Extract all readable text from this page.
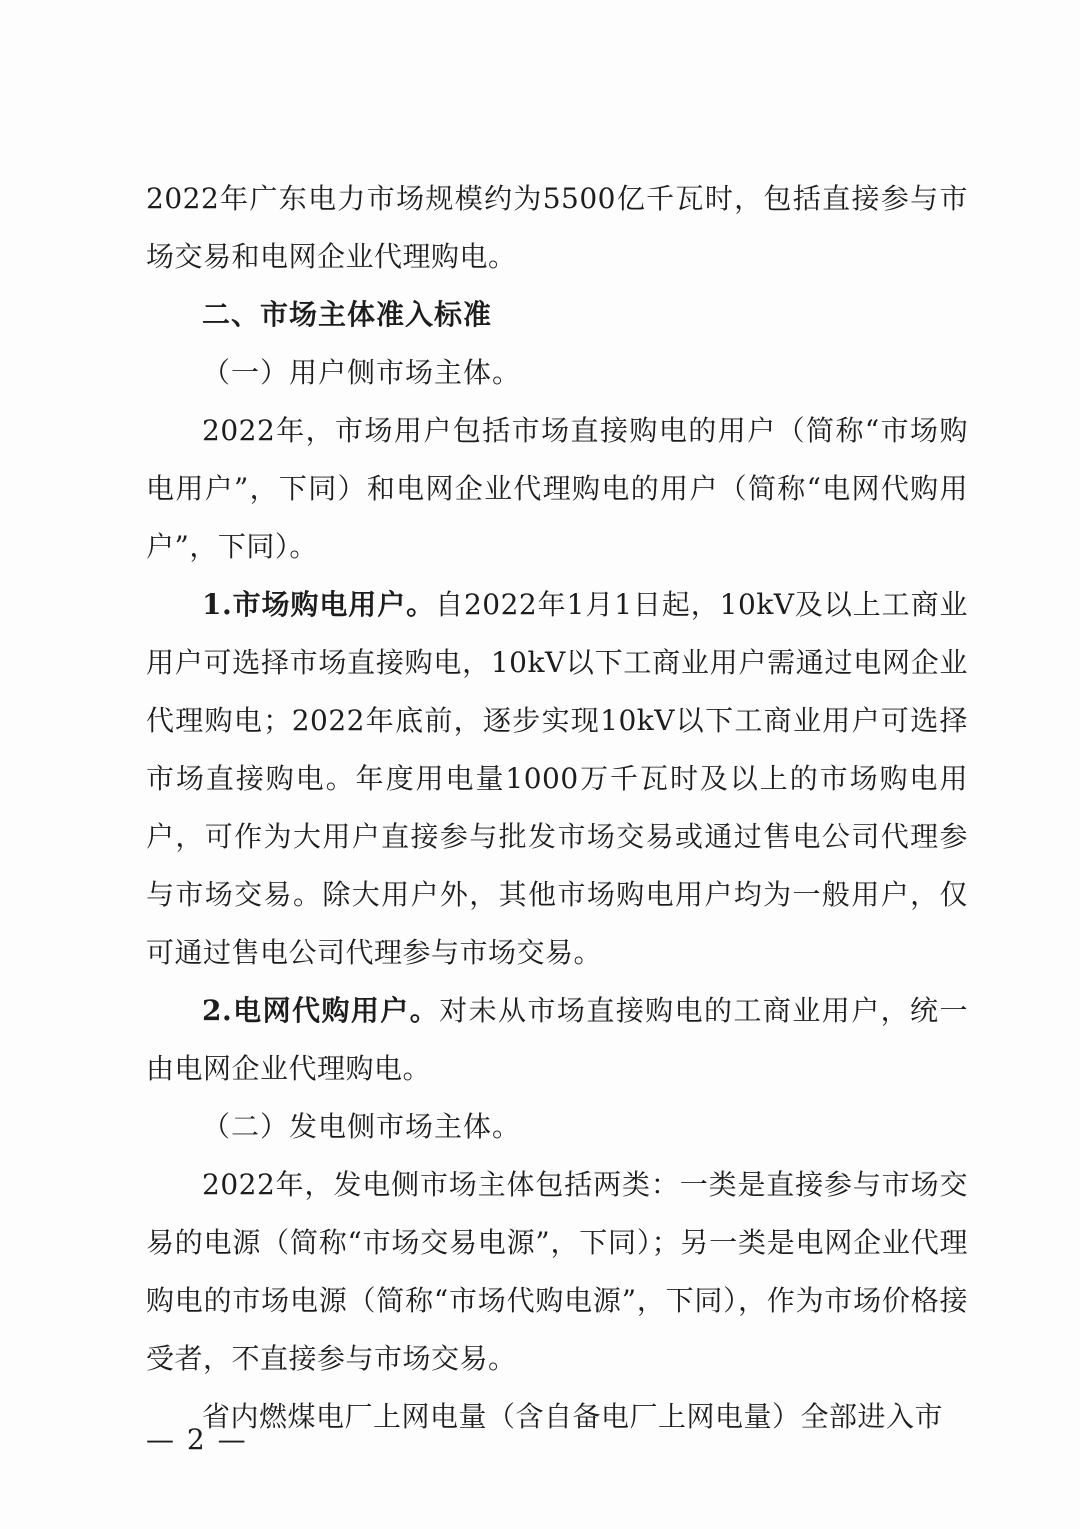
2022年广东电力市场规模约为5500亿千瓦时，包括直接参与市场交易和电网企业代理购电。

二、市场主体准入标准

（一）用户侧市场主体。

2022年，市场用户包括市场直接购电的用户（简称“市场购电用户”，下同）和电网企业代理购电的用户（简称“电网代购用户”，下同）。

1.市场购电用户。自2022年1月1日起，10kV及以上工商业用户可选择市场直接购电，10kV以下工商业用户需通过电网企业代理购电；2022年底前，逐步实现10kV以下工商业用户可选择市场直接购电。年度用电量1000万千瓦时及以上的市场购电用户，可作为大用户直接参与批发市场交易或通过售电公司代理参与市场交易。除大用户外，其他市场购电用户均为一般用户，仅可通过售电公司代理参与市场交易。

2.电网代购用户。对未从市场直接购电的工商业用户，统一由电网企业代理购电。

（二）发电侧市场主体。

2022年，发电侧市场主体包括两类：一类是直接参与市场交易的电源（简称“市场交易电源”，下同）；另一类是电网企业代理购电的市场电源（简称“市场代购电源”，下同），作为市场价格接受者，不直接参与市场交易。

省内燃煤电厂上网电量（含自备电厂上网电量）全部进入市

— 2 —
